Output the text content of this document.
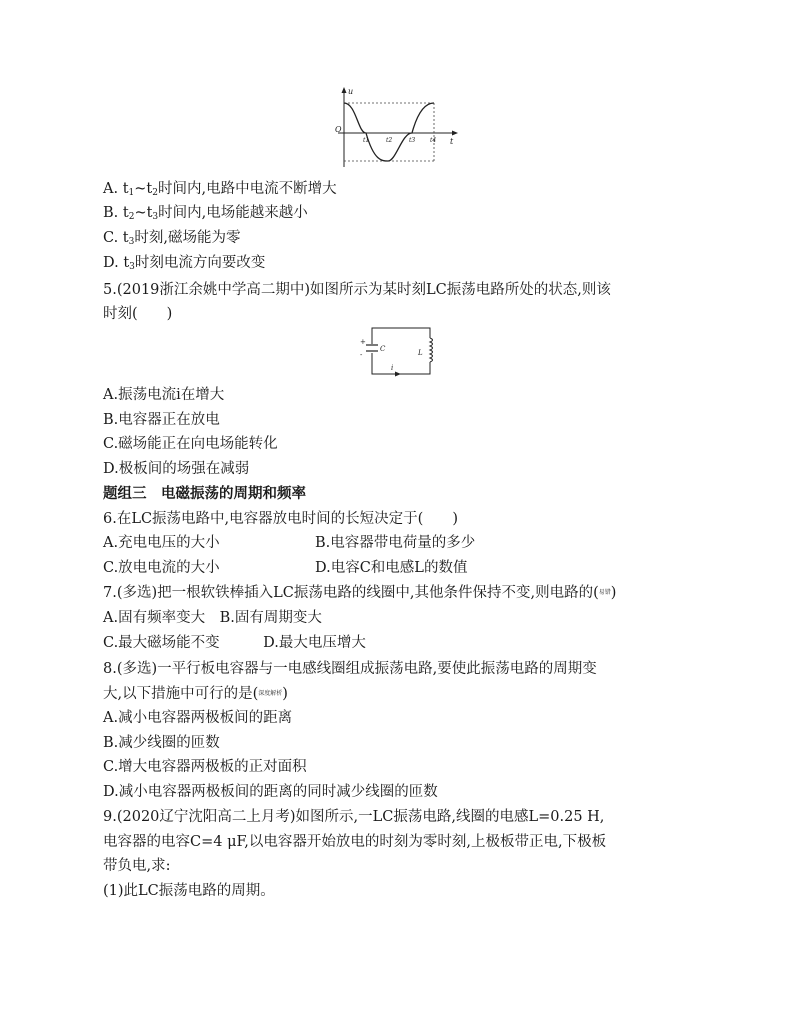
u
O
t
t1	t2	t3 t4
A. $t_1\sim t_2$时间内,电路中电流不断增大
B. $t_2\sim t_3$时间内,电场能越来越小
C. $t_3$时刻,磁场能为零
D. $t_3$时刻电流方向要改变
5.(2019浙江余姚中学高二期中)如图所示为某时刻LC振荡电路所处的状态,则该
时刻(　　)
+
-
C	L
i
A.振荡电流i在增大
B.电容器正在放电
C.磁场能正在向电场能转化
D.极板间的场强在减弱
题组三　电磁振荡的周期和频率
6.在LC振荡电路中,电容器放电时间的长短决定于(　　)
A.充电电压的大小	B.电容器带电荷量的多少
C.放电电流的大小	D.电容C和电感L的数值
7.(多选)把一根软铁棒插入LC振荡电路的线圈中,其他条件保持不变,则电路的(易错)
A.固有频率变大　B.固有周期变大
C.最大磁场能不变　　　D.最大电压增大
8.(多选)一平行板电容器与一电感线圈组成振荡电路,要使此振荡电路的周期变
大,以下措施中可行的是(深度解析)
A.减小电容器两极板间的距离
B.减少线圈的匝数
C.增大电容器两极板的正对面积
D.减小电容器两极板间的距离的同时减少线圈的匝数
9.(2020辽宁沈阳高二上月考)如图所示,一LC振荡电路,线圈的电感L=0.25 H,
电容器的电容C=4 μF,以电容器开始放电的时刻为零时刻,上极板带正电,下极板
带负电,求:
(1)此LC振荡电路的周期。
